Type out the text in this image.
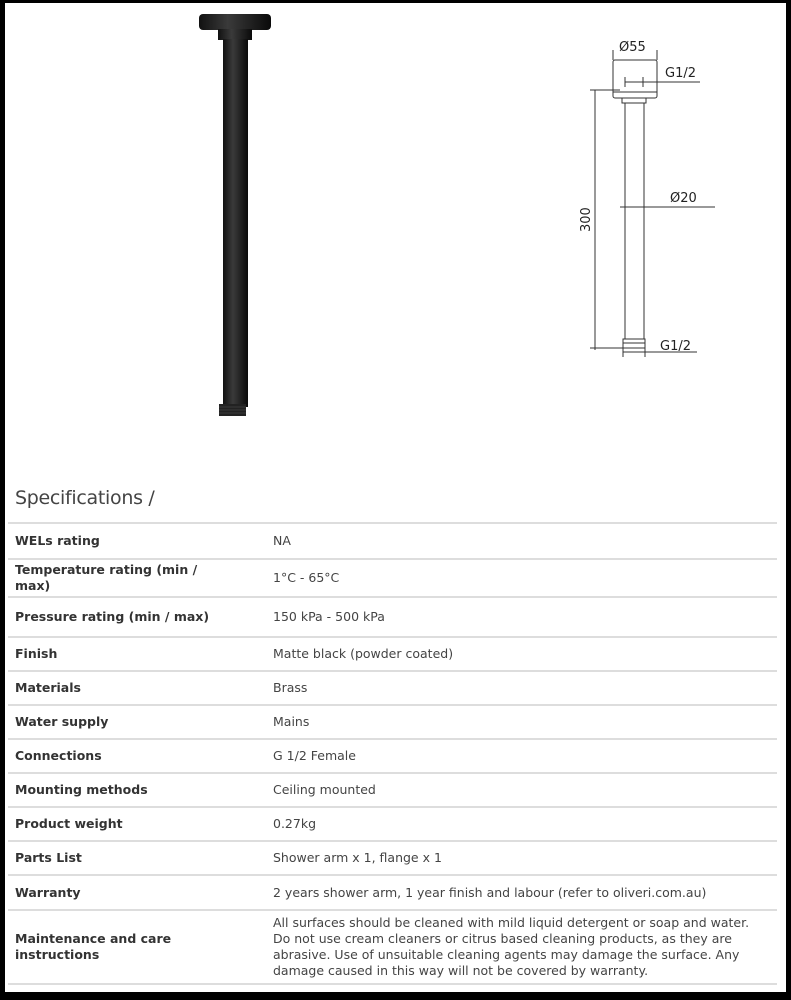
Ø55
G1/2
Ø20
G1/2
300
Specifications /
WELs rating	NA
Temperature rating (min / max)	1°C - 65°C
Pressure rating (min / max)	150 kPa - 500 kPa
Finish	Matte black (powder coated)
Materials	Brass
Water supply	Mains
Connections	G 1/2 Female
Mounting methods	Ceiling mounted
Product weight	0.27kg
Parts List	Shower arm x 1, flange x 1
Warranty	2 years shower arm, 1 year finish and labour (refer to oliveri.com.au)
Maintenance and care instructions	All surfaces should be cleaned with mild liquid detergent or soap and water. Do not use cream cleaners or citrus based cleaning products, as they are abrasive. Use of unsuitable cleaning agents may damage the surface. Any damage caused in this way will not be covered by warranty.
